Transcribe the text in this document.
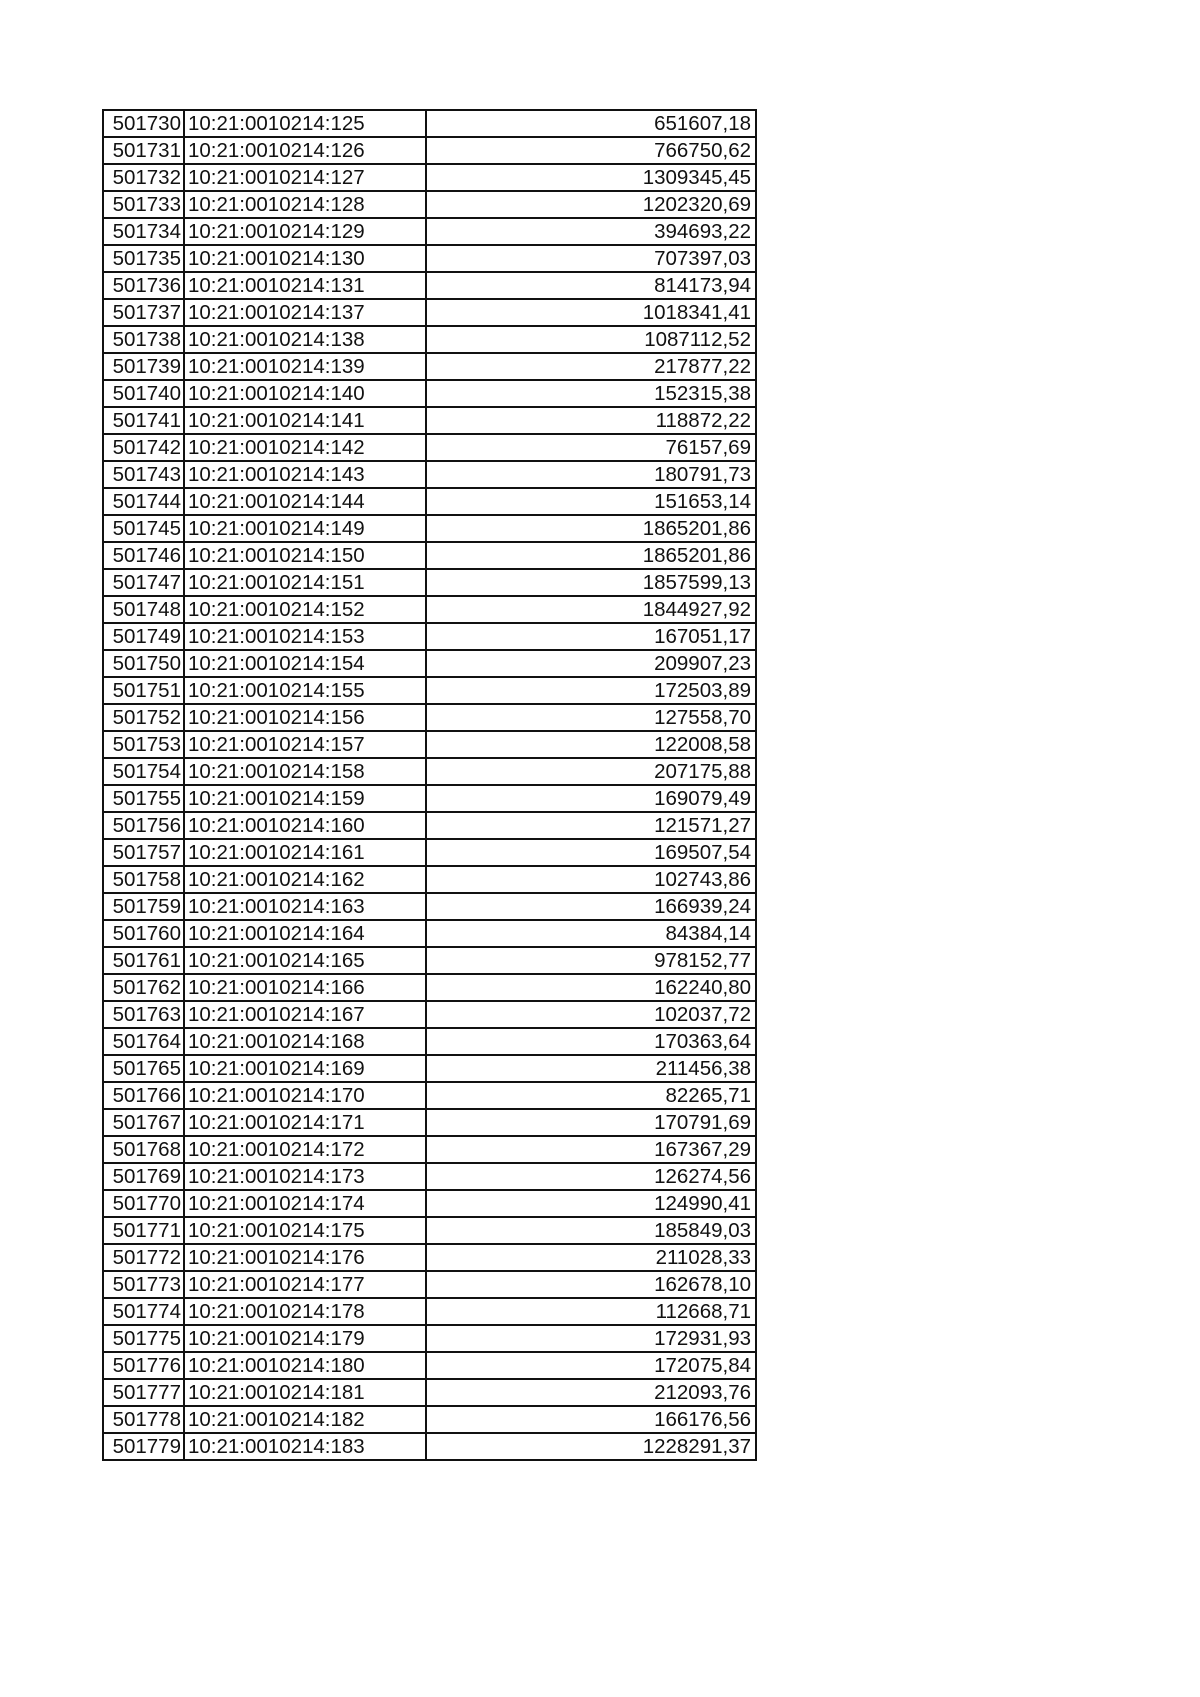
501730	10:21:0010214:125	651607,18
501731	10:21:0010214:126	766750,62
501732	10:21:0010214:127	1309345,45
501733	10:21:0010214:128	1202320,69
501734	10:21:0010214:129	394693,22
501735	10:21:0010214:130	707397,03
501736	10:21:0010214:131	814173,94
501737	10:21:0010214:137	1018341,41
501738	10:21:0010214:138	1087112,52
501739	10:21:0010214:139	217877,22
501740	10:21:0010214:140	152315,38
501741	10:21:0010214:141	118872,22
501742	10:21:0010214:142	76157,69
501743	10:21:0010214:143	180791,73
501744	10:21:0010214:144	151653,14
501745	10:21:0010214:149	1865201,86
501746	10:21:0010214:150	1865201,86
501747	10:21:0010214:151	1857599,13
501748	10:21:0010214:152	1844927,92
501749	10:21:0010214:153	167051,17
501750	10:21:0010214:154	209907,23
501751	10:21:0010214:155	172503,89
501752	10:21:0010214:156	127558,70
501753	10:21:0010214:157	122008,58
501754	10:21:0010214:158	207175,88
501755	10:21:0010214:159	169079,49
501756	10:21:0010214:160	121571,27
501757	10:21:0010214:161	169507,54
501758	10:21:0010214:162	102743,86
501759	10:21:0010214:163	166939,24
501760	10:21:0010214:164	84384,14
501761	10:21:0010214:165	978152,77
501762	10:21:0010214:166	162240,80
501763	10:21:0010214:167	102037,72
501764	10:21:0010214:168	170363,64
501765	10:21:0010214:169	211456,38
501766	10:21:0010214:170	82265,71
501767	10:21:0010214:171	170791,69
501768	10:21:0010214:172	167367,29
501769	10:21:0010214:173	126274,56
501770	10:21:0010214:174	124990,41
501771	10:21:0010214:175	185849,03
501772	10:21:0010214:176	211028,33
501773	10:21:0010214:177	162678,10
501774	10:21:0010214:178	112668,71
501775	10:21:0010214:179	172931,93
501776	10:21:0010214:180	172075,84
501777	10:21:0010214:181	212093,76
501778	10:21:0010214:182	166176,56
501779	10:21:0010214:183	1228291,37
